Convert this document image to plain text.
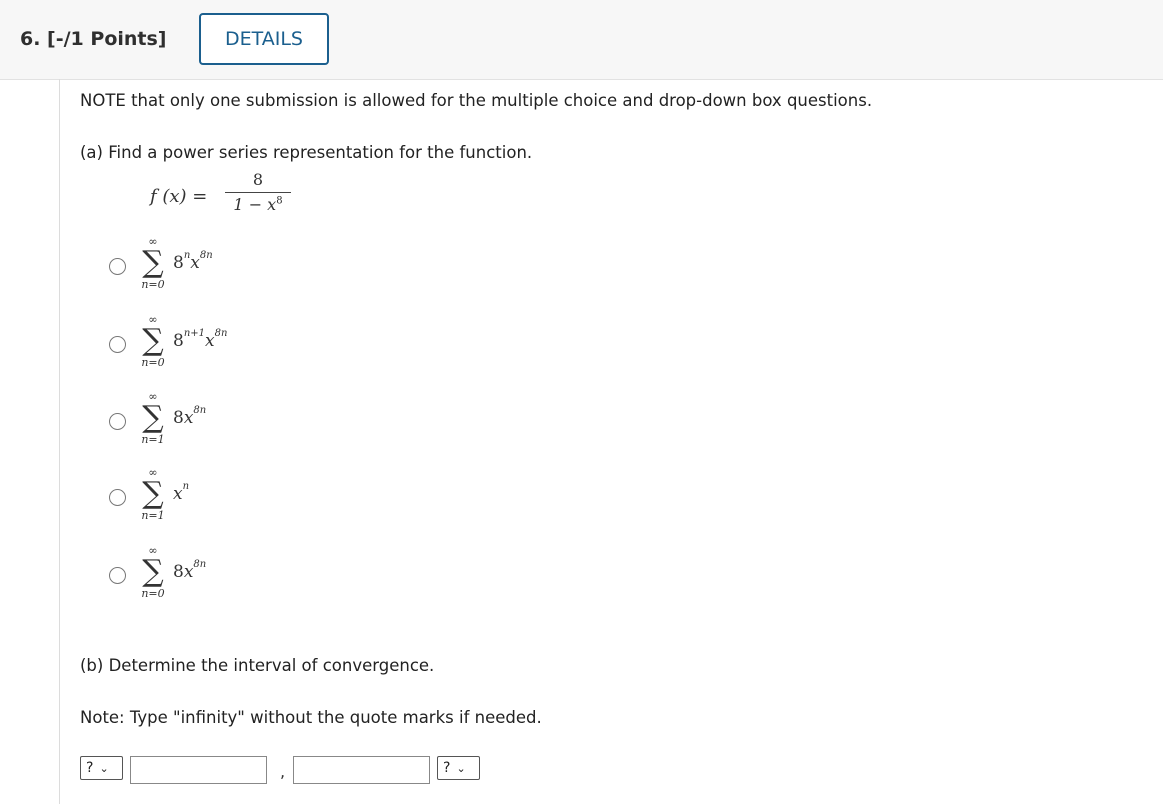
6. [-/1 Points]	DETAILS
NOTE that only one submission is allowed for the multiple choice and drop-down box questions.
(a) Find a power series representation for the function.
f (x) =
8
$1 - x^8$
∞
∑
n=0
$8^nx^{8n}$
∞
∑
n=0
$8^{n+1}x^{8n}$
∞
∑
n=1
$8x^{8n}$
∞
∑
n=1
$x^n$
∞
∑
n=0
$8x^{8n}$
(b) Determine the interval of convergence.
Note: Type "infinity" without the quote marks if needed.
? ⌄	,	? ⌄
